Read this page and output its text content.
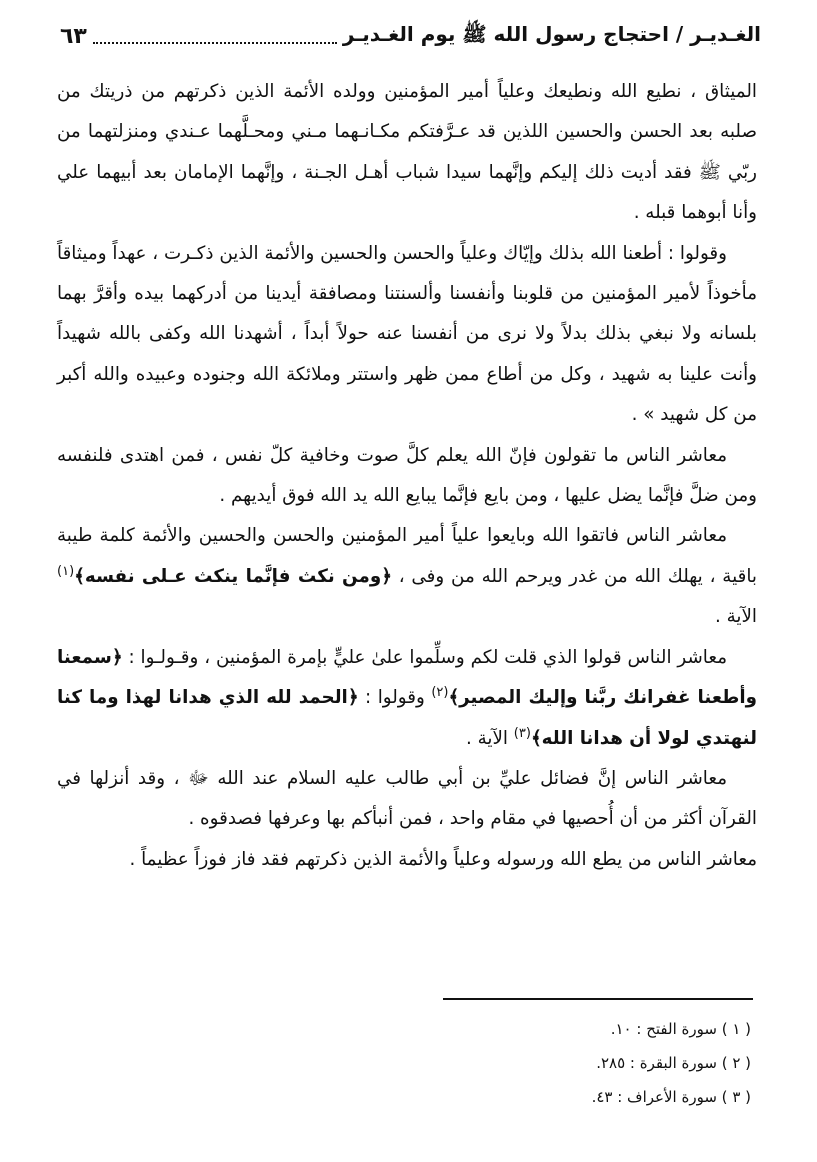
الغـديـر / احتجاج رسول الله ﷺ يوم الغـديـر
٦٣

الميثاق ، نطيع الله ونطيعك وعلياً أمير المؤمنين وولده الأئمة الذين ذكرتهم من ذريتك من صلبه بعد الحسن والحسين اللذين قد عـرَّفتكم مكـانـهما مـني ومحـلَّهما عـندي ومنزلتهما من ربّي ﷺ فقد أديت ذلك إليكم وإنَّهما سيدا شباب أهـل الجـنة ، وإنَّهما الإمامان بعد أبيهما علي وأنا أبوهما قبله .

وقولوا : أطعنا الله بذلك وإيّاك وعلياً والحسن والحسين والأئمة الذين ذكـرت ، عهداً وميثاقاً مأخوذاً لأمير المؤمنين من قلوبنا وأنفسنا وألسنتنا ومصافقة أيدينا من أدركهما بيده وأقرَّ بهما بلسانه ولا نبغي بذلك بدلاً ولا نرى من أنفسنا عنه حولاً أبداً ، أشهدنا الله وكفى بالله شهيداً وأنت علينا به شهيد ، وكل من أطاع ممن ظهر واستتر وملائكة الله وجنوده وعبيده والله أكبر من كل شهيد » .

معاشر الناس ما تقولون فإنّ الله يعلم كلَّ صوت وخافية كلّ نفس ، فمن اهتدى فلنفسه ومن ضلَّ فإنَّما يضل عليها ، ومن بايع فإنَّما يبايع الله يد الله فوق أيديهم .

معاشر الناس فاتقوا الله وبايعوا علياً أمير المؤمنين والحسن والحسين والأئمة كلمة طيبة باقية ، يهلك الله من غدر ويرحم الله من وفى ، ﴿ومن نكث فإنَّما ينكث عـلى نفسه﴾$^{(١)}$ الآية .

معاشر الناس قولوا الذي قلت لكم وسلِّموا علىٰ عليٍّ بإمرة المؤمنين ، وقـولـوا : ﴿سمعنا وأطعنا غفرانك ربَّنا وإليك المصير﴾$^{(٢)}$ وقولوا : ﴿الحمد لله الذي هدانا لهذا وما كنا لنهتدي لولا أن هدانا الله﴾$^{(٣)}$ الآية .

معاشر الناس إنَّ فضائل عليِّ بن أبي طالب عليه السلام عند الله ﷻ ، وقد أنزلها في القرآن أكثر من أن أُحصيها في مقام واحد ، فمن أنبأكم بها وعرفها فصدقوه .

معاشر الناس من يطع الله ورسوله وعلياً والأئمة الذين ذكرتهم فقد فاز فوزاً عظيماً .

( ١ ) سورة الفتح : ١٠.
( ٢ ) سورة البقرة : ٢٨٥.
( ٣ ) سورة الأعراف : ٤٣.
